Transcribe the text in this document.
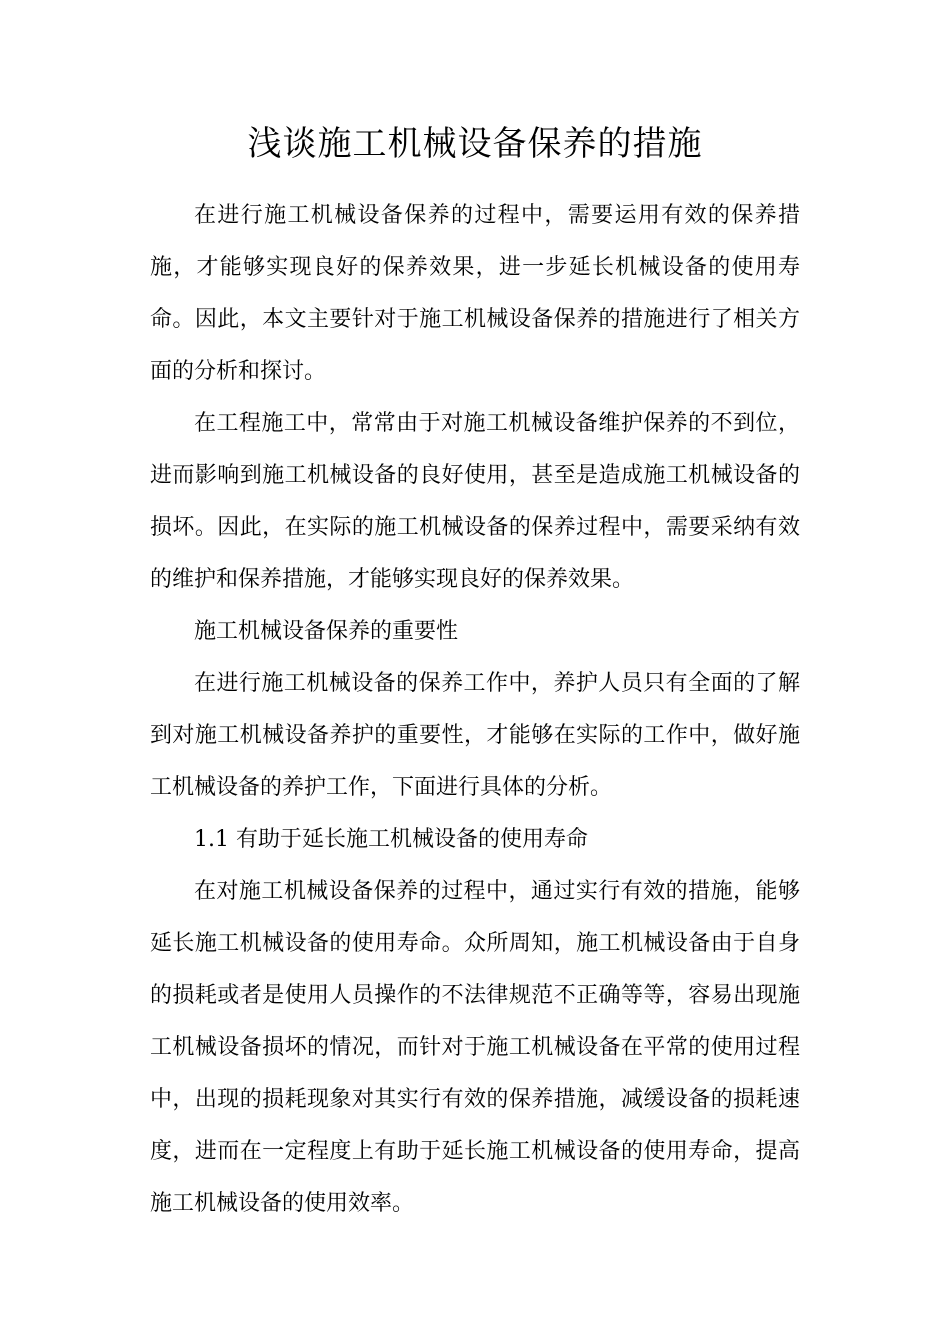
浅谈施工机械设备保养的措施

在进行施工机械设备保养的过程中，需要运用有效的保养措施，才能够实现良好的保养效果，进一步延长机械设备的使用寿命。因此，本文主要针对于施工机械设备保养的措施进行了相关方面的分析和探讨。

在工程施工中，常常由于对施工机械设备维护保养的不到位，进而影响到施工机械设备的良好使用，甚至是造成施工机械设备的损坏。因此，在实际的施工机械设备的保养过程中，需要采纳有效的维护和保养措施，才能够实现良好的保养效果。

施工机械设备保养的重要性

在进行施工机械设备的保养工作中，养护人员只有全面的了解到对施工机械设备养护的重要性，才能够在实际的工作中，做好施工机械设备的养护工作，下面进行具体的分析。

1.1 有助于延长施工机械设备的使用寿命

在对施工机械设备保养的过程中，通过实行有效的措施，能够延长施工机械设备的使用寿命。众所周知，施工机械设备由于自身的损耗或者是使用人员操作的不法律规范不正确等等，容易出现施工机械设备损坏的情况，而针对于施工机械设备在平常的使用过程中，出现的损耗现象对其实行有效的保养措施，减缓设备的损耗速度，进而在一定程度上有助于延长施工机械设备的使用寿命，提高施工机械设备的使用效率。
